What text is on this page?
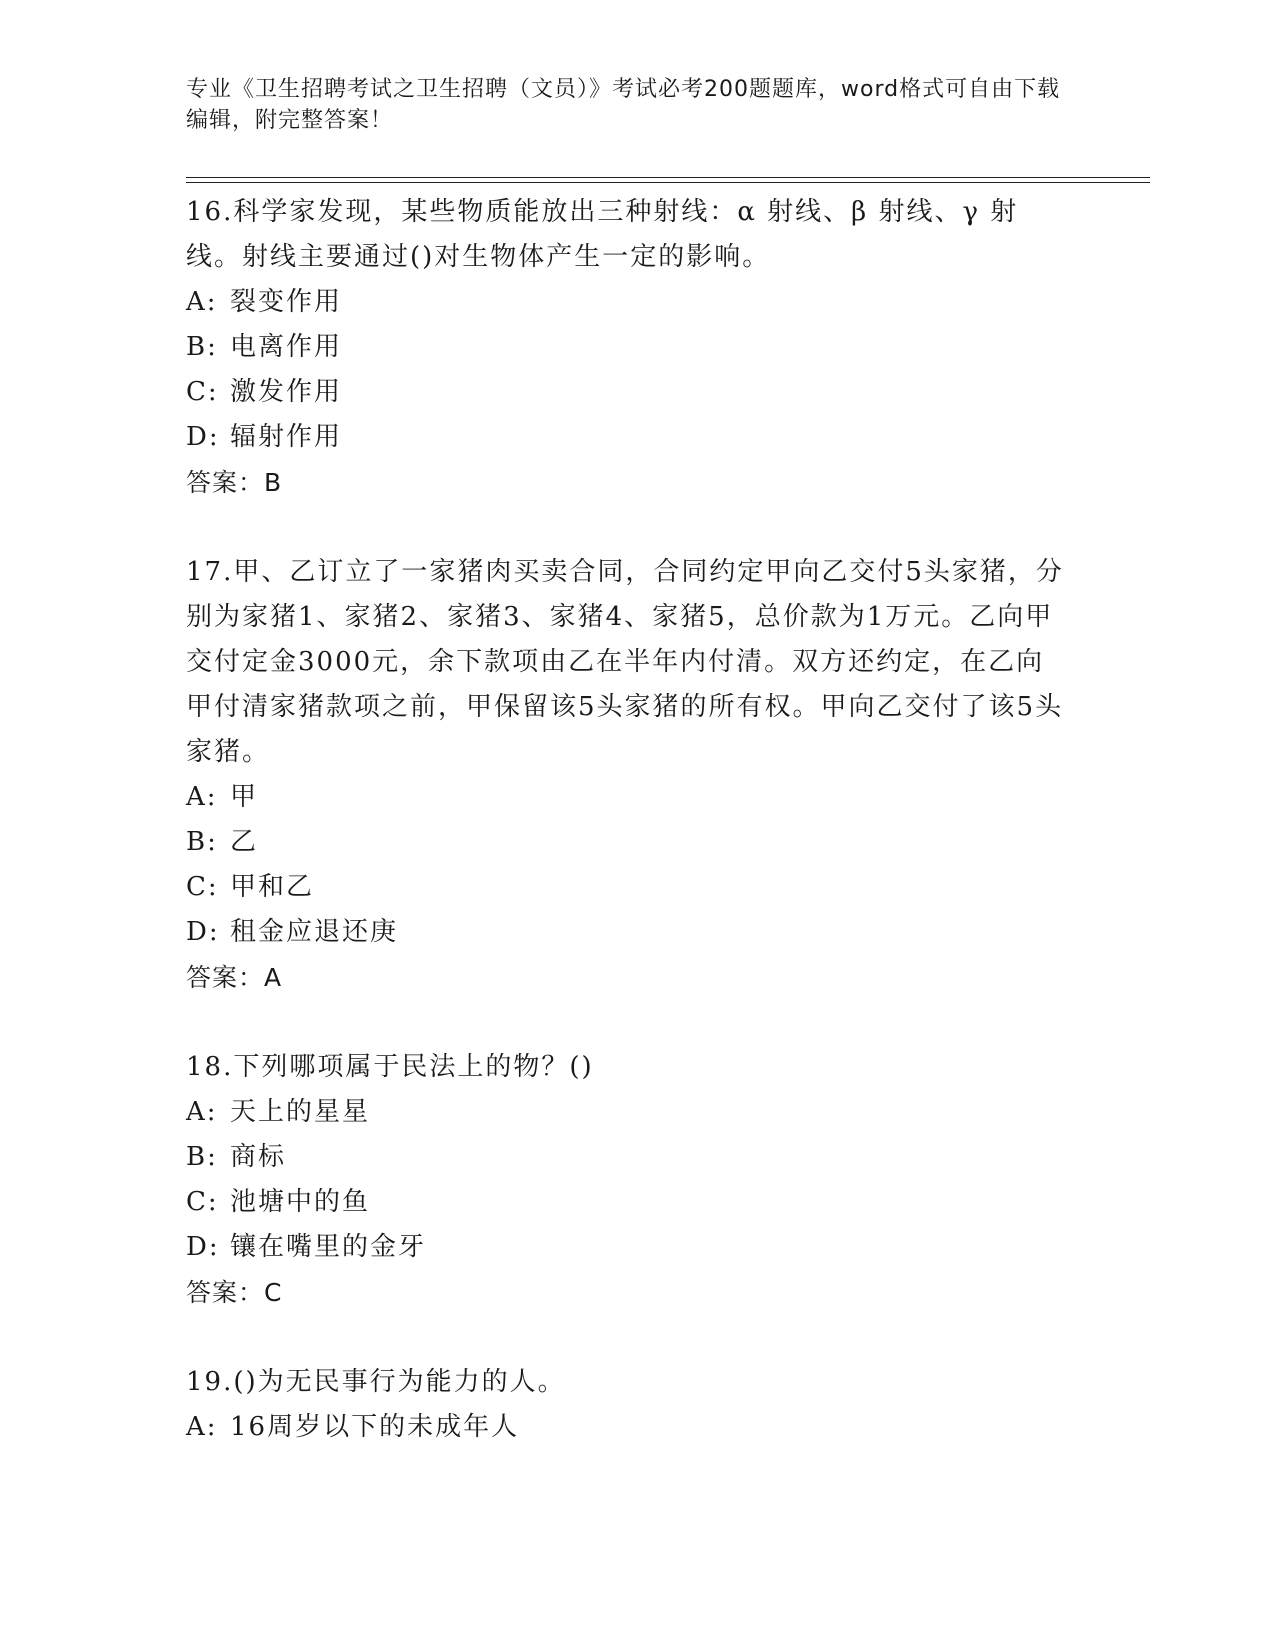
专业《卫生招聘考试之卫生招聘（文员）》考试必考200题题库，word格式可自由下载编辑，附完整答案！
16.科学家发现，某些物质能放出三种射线：α 射线、β 射线、γ 射线。射线主要通过()对生物体产生一定的影响。
A: 裂变作用
B: 电离作用
C: 激发作用
D: 辐射作用
答案：B
17.甲、乙订立了一家猪肉买卖合同，合同约定甲向乙交付5头家猪，分别为家猪1、家猪2、家猪3、家猪4、家猪5，总价款为1万元。乙向甲交付定金3000元，余下款项由乙在半年内付清。双方还约定，在乙向甲付清家猪款项之前，甲保留该5头家猪的所有权。甲向乙交付了该5头家猪。
A: 甲
B: 乙
C: 甲和乙
D: 租金应退还庚
答案：A
18.下列哪项属于民法上的物？()
A: 天上的星星
B: 商标
C: 池塘中的鱼
D: 镶在嘴里的金牙
答案：C
19.()为无民事行为能力的人。
A: 16周岁以下的未成年人
